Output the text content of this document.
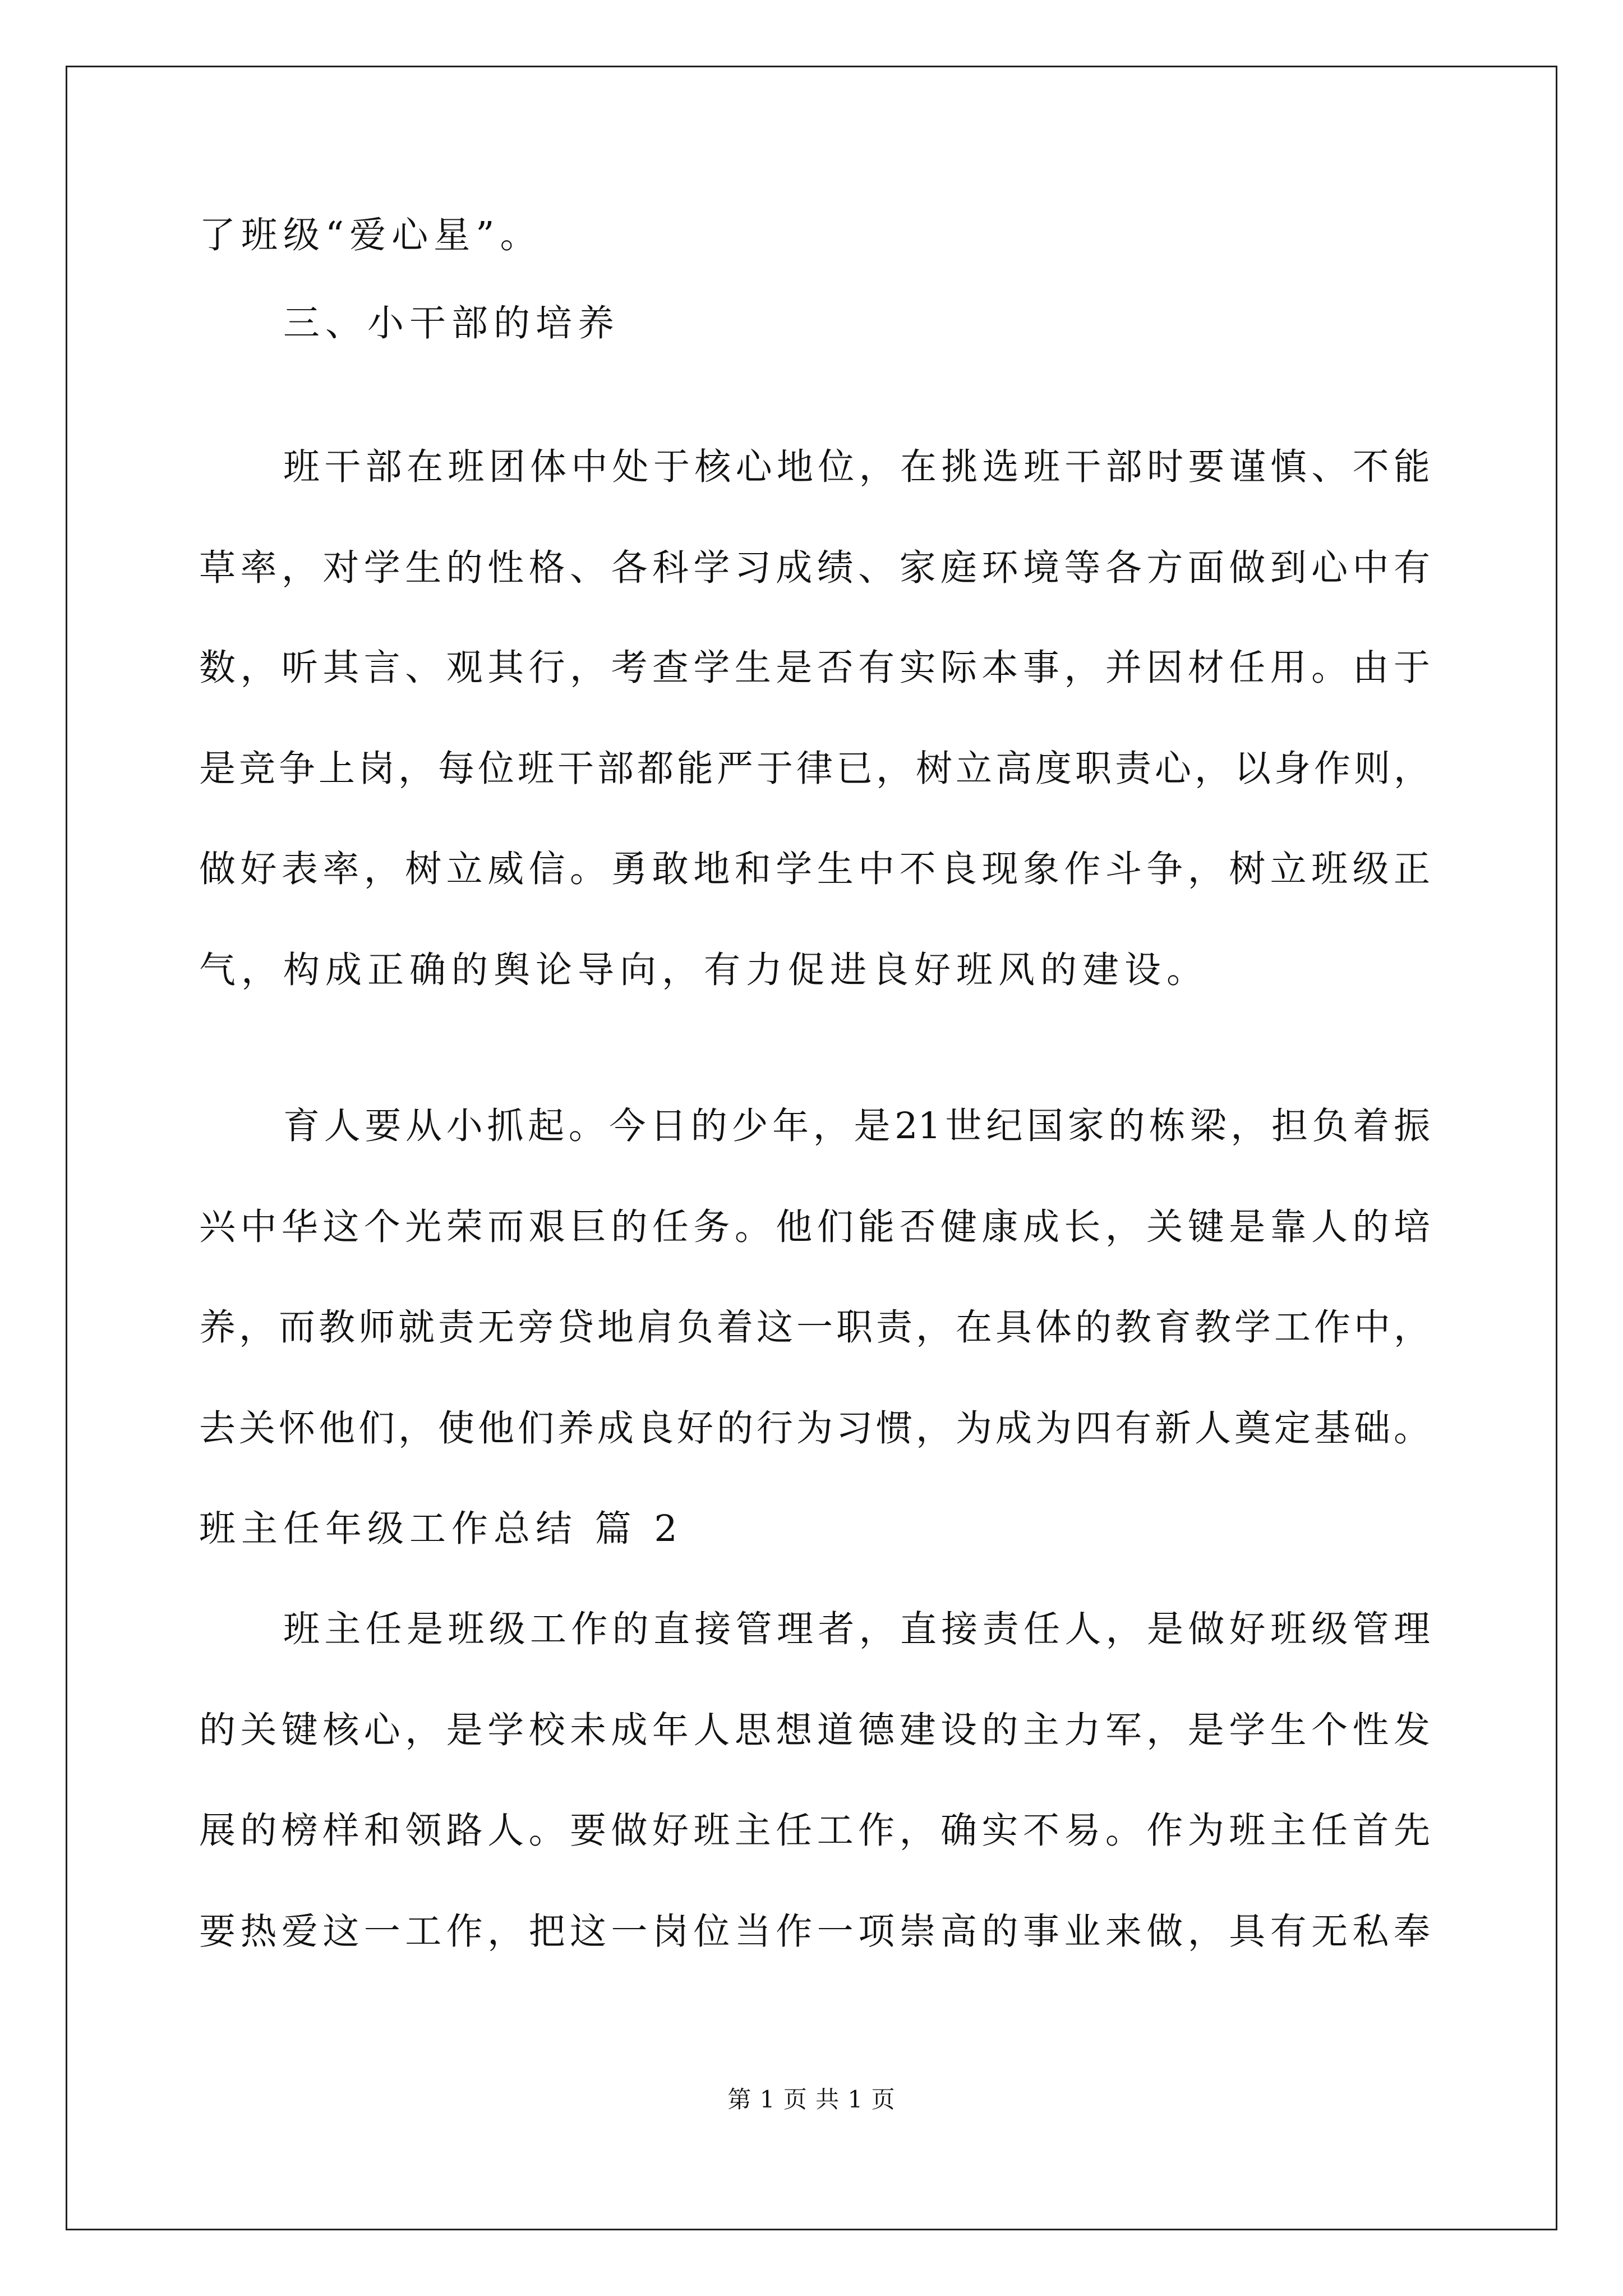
了班级“爱心星”。
三、小干部的培养
班干部在班团体中处于核心地位，在挑选班干部时要谨慎、不能
草率，对学生的性格、各科学习成绩、家庭环境等各方面做到心中有
数，听其言、观其行，考查学生是否有实际本事，并因材任用。由于
是竞争上岗，每位班干部都能严于律已，树立高度职责心，以身作则，
做好表率，树立威信。勇敢地和学生中不良现象作斗争，树立班级正
气，构成正确的舆论导向，有力促进良好班风的建设。
育人要从小抓起。今日的少年，是21世纪国家的栋梁，担负着振
兴中华这个光荣而艰巨的任务。他们能否健康成长，关键是靠人的培
养，而教师就责无旁贷地肩负着这一职责，在具体的教育教学工作中，
去关怀他们，使他们养成良好的行为习惯，为成为四有新人奠定基础。
班主任年级工作总结 篇 2
班主任是班级工作的直接管理者，直接责任人，是做好班级管理
的关键核心，是学校未成年人思想道德建设的主力军，是学生个性发
展的榜样和领路人。要做好班主任工作，确实不易。作为班主任首先
要热爱这一工作，把这一岗位当作一项崇高的事业来做，具有无私奉
第 1 页 共 1 页
